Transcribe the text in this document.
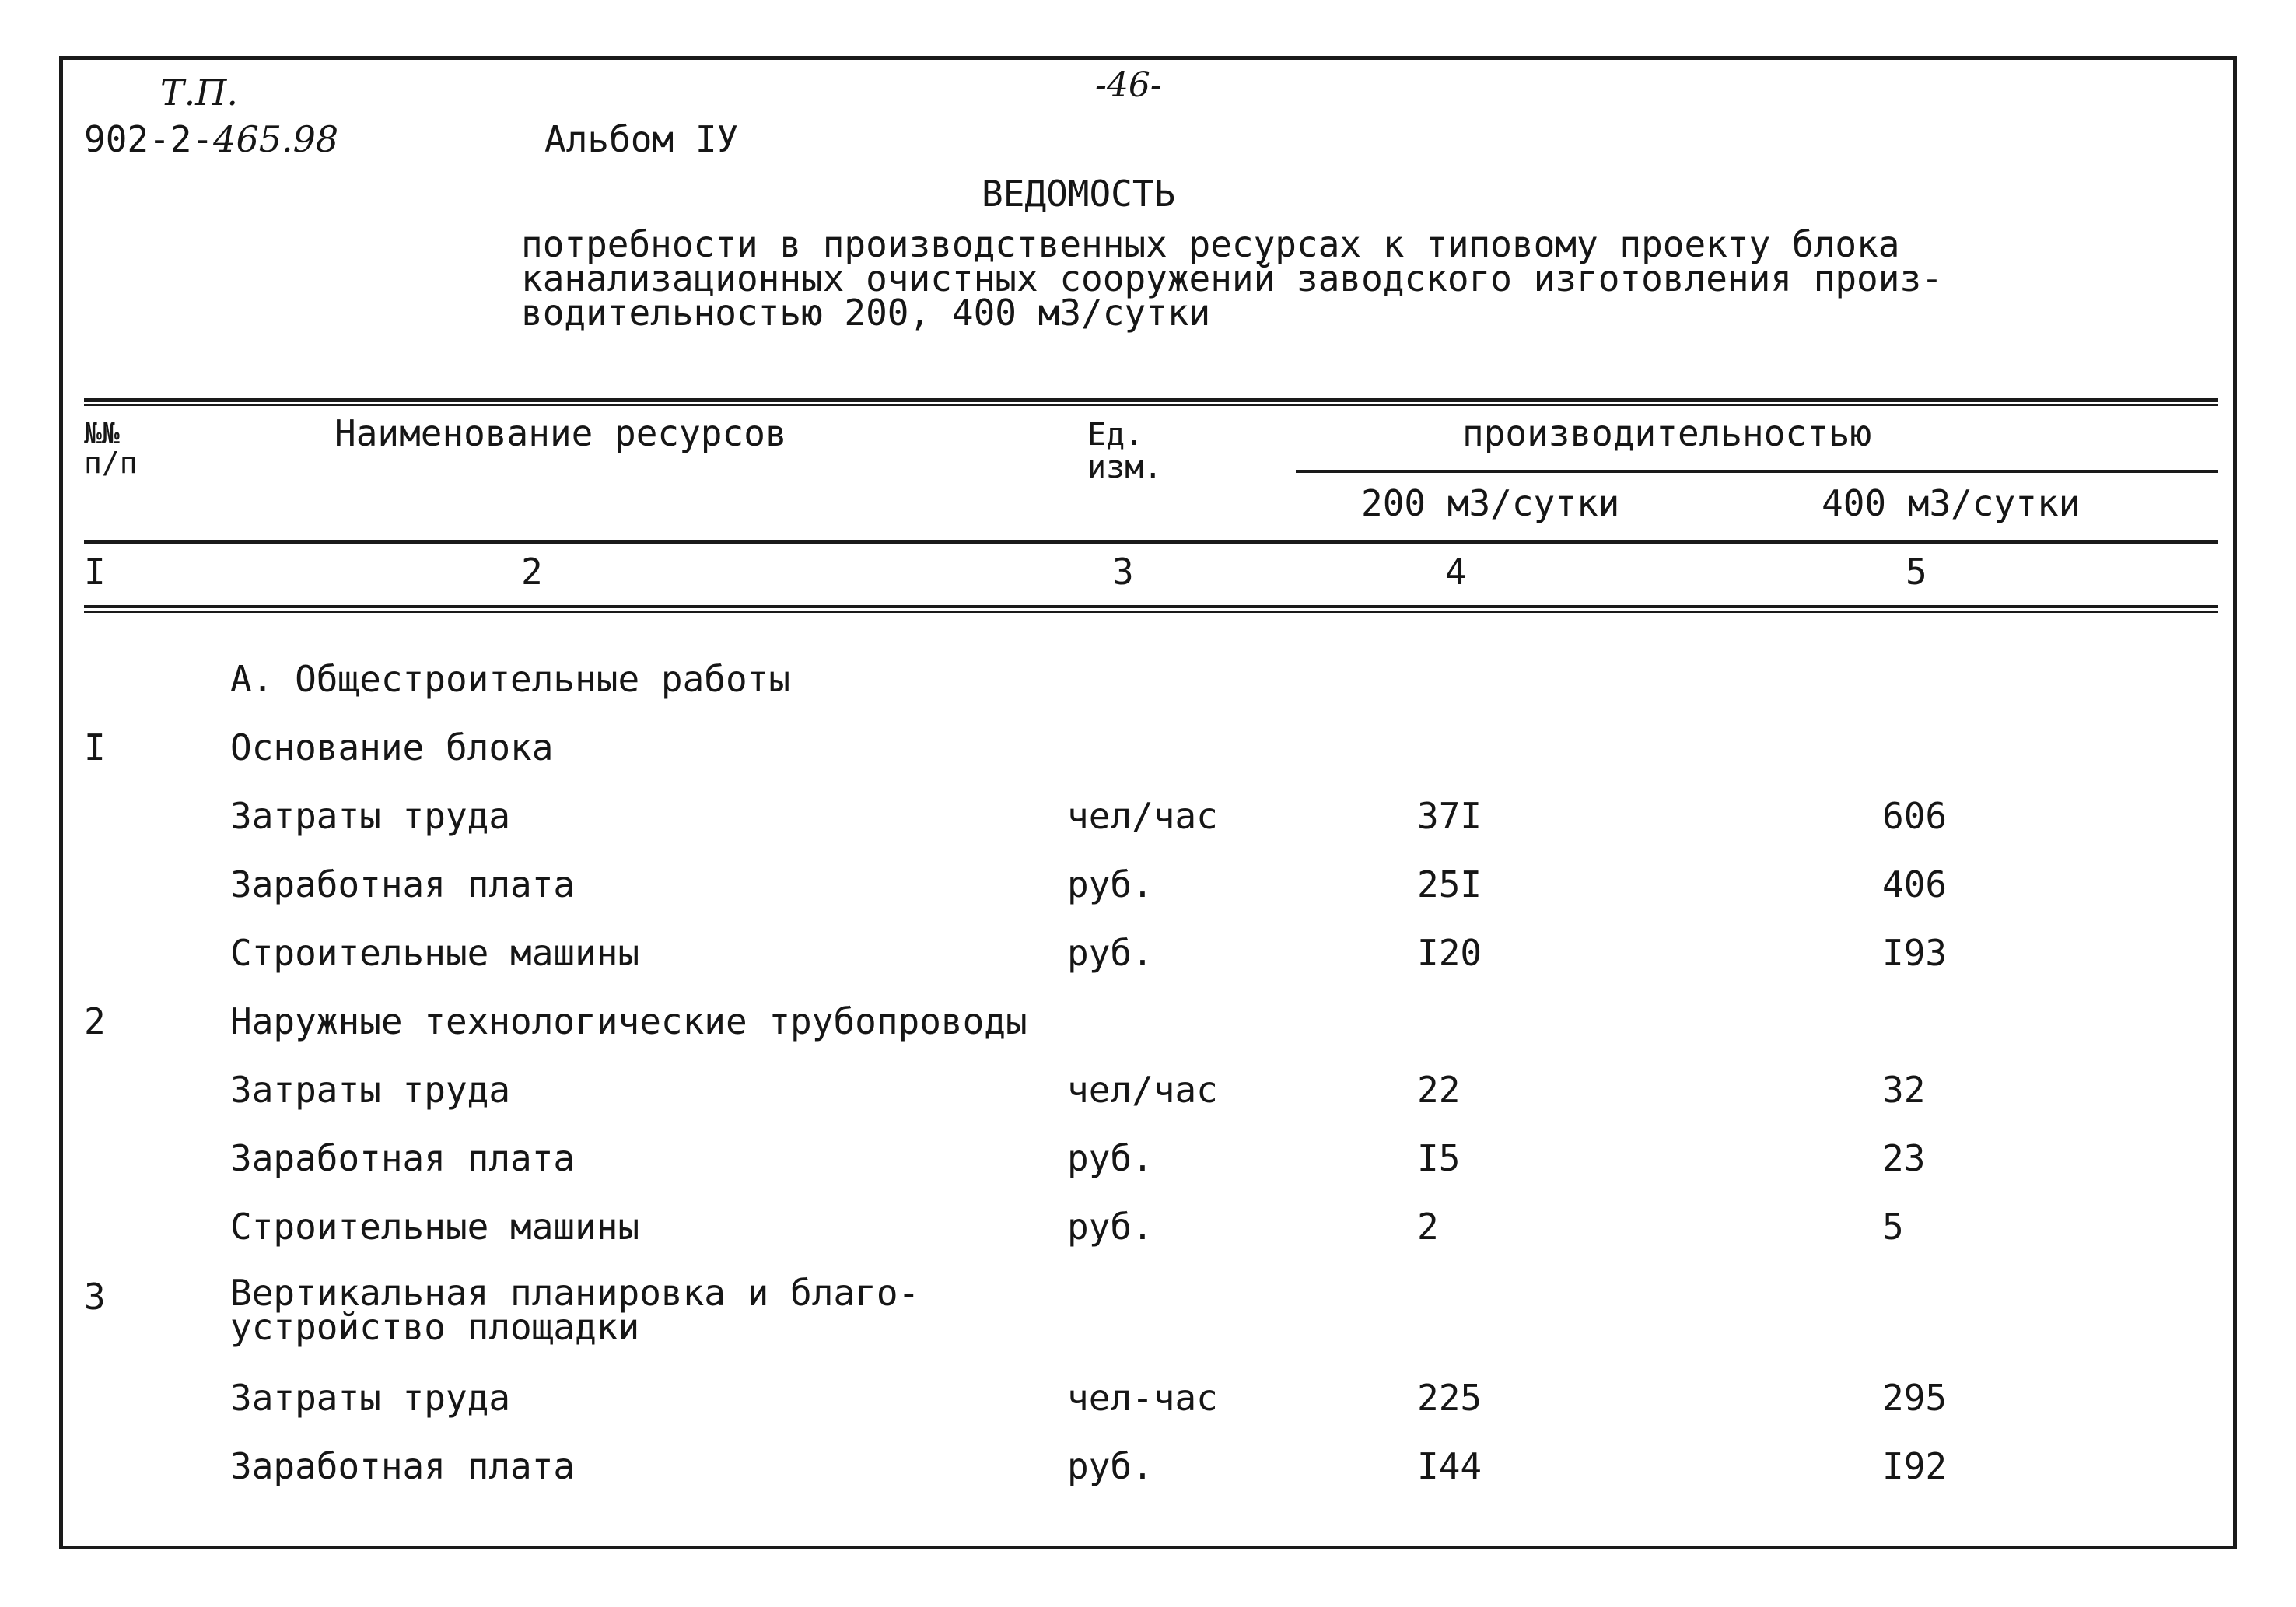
Т.П.
902-2-465.98
-46-
Альбом IУ
ВЕДОМОСТЬ
потребности в производственных ресурсах к типовому проекту блока
канализационных очистных сооружений заводского изготовления произ-
водительностью 200, 400 м3/сутки
№№
п/п
Наименование ресурсов	Ед.
изм.
производительностью
200 м3/сутки	400 м3/сутки
I	2	3	4	5
А. Общестроительные работы
I	Основание блока
Затраты труда	чел/час	37I	606
Заработная плата	руб.	25I	406
Строительные машины	руб.	I20	I93
2	Наружные технологические трубопроводы
Затраты труда	чел/час	22	32
Заработная плата	руб.	I5	23
Строительные машины	руб.	2	5
3	Вертикальная планировка и благо-
устройство площадки
Затраты труда	чел-час	225	295
Заработная плата	руб.	I44	I92
